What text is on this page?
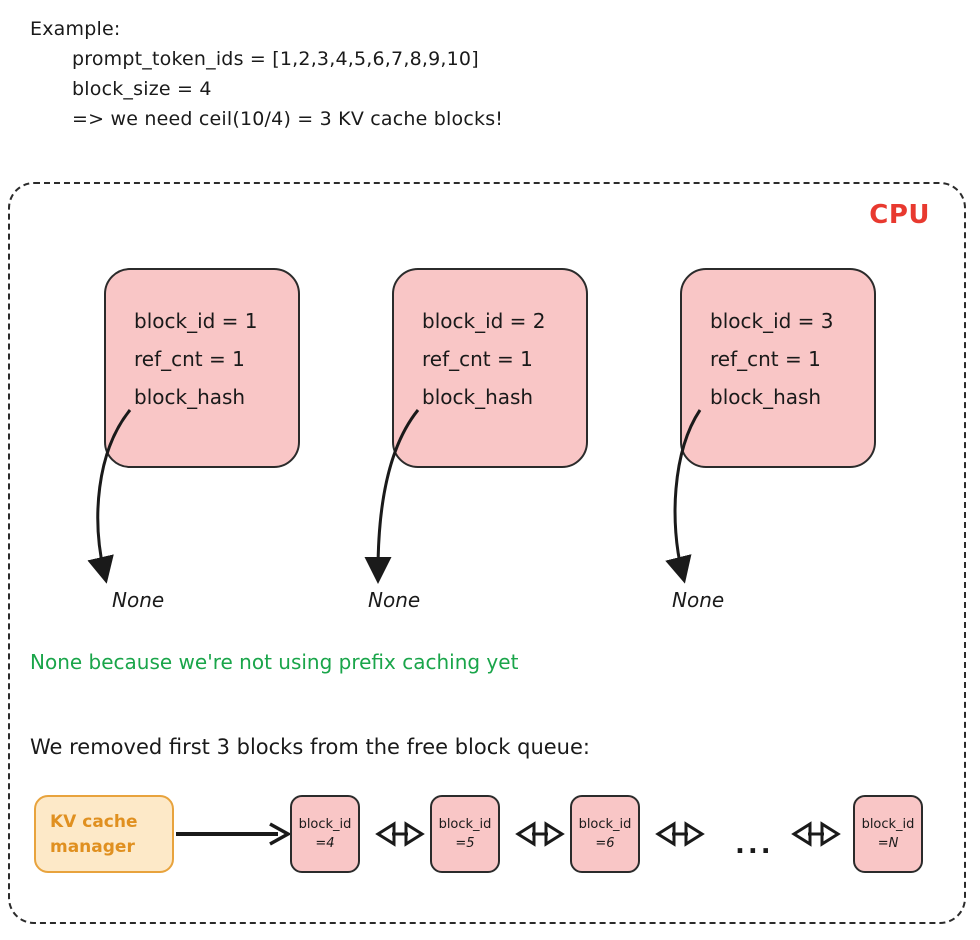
Example:
prompt_token_ids = [1,2,3,4,5,6,7,8,9,10]
block_size = 4
=> we need ceil(10/4) = 3 KV cache blocks!
CPU
block_id = 1
ref_cnt = 1
block_hash
block_id = 2
ref_cnt = 1
block_hash
block_id = 3
ref_cnt = 1
block_hash
None	None	None
None because we're not using prefix caching yet
We removed first 3 blocks from the free block queue:
KV cache
manager
block_id
=4
block_id
=5
block_id
=6
block_id
=N
...
